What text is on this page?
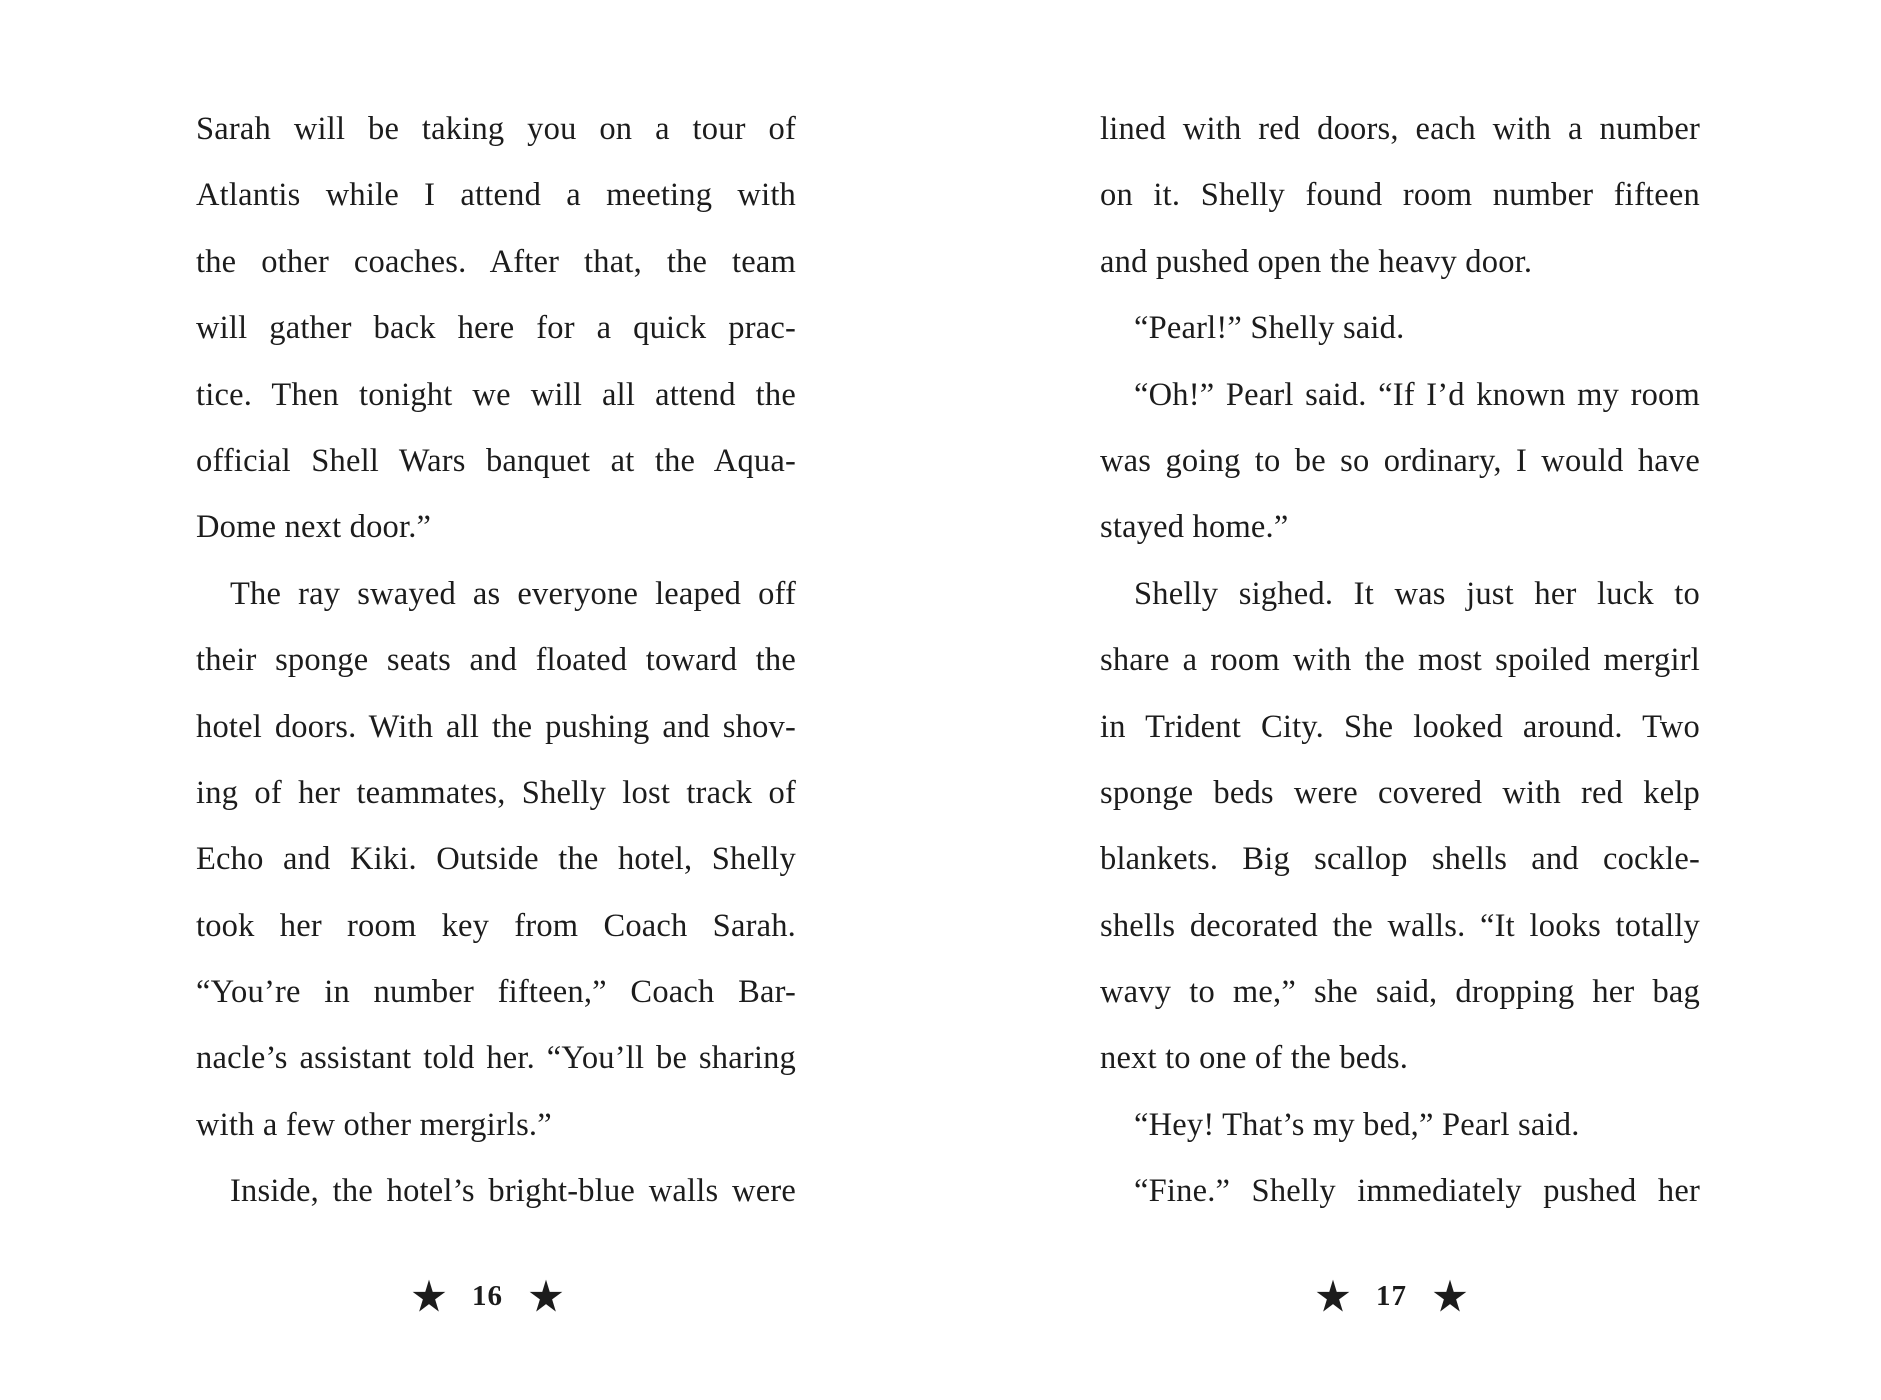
Sarah will be taking you on a tour of
Atlantis while I attend a meeting with
the other coaches. After that, the team
will gather back here for a quick prac-
tice. Then tonight we will all attend the
official Shell Wars banquet at the Aqua-
Dome next door.”
The ray swayed as everyone leaped off
their sponge seats and floated toward the
hotel doors. With all the pushing and shov-
ing of her teammates, Shelly lost track of
Echo and Kiki. Outside the hotel, Shelly
took her room key from Coach Sarah.
“You’re in number fifteen,” Coach Bar-
nacle’s assistant told her. “You’ll be sharing
with a few other mergirls.”
Inside, the hotel’s bright-blue walls were
16
lined with red doors, each with a number
on it. Shelly found room number fifteen
and pushed open the heavy door.
“Pearl!” Shelly said.
“Oh!” Pearl said. “If I’d known my room
was going to be so ordinary, I would have
stayed home.”
Shelly sighed. It was just her luck to
share a room with the most spoiled mergirl
in Trident City. She looked around. Two
sponge beds were covered with red kelp
blankets. Big scallop shells and cockle-
shells decorated the walls. “It looks totally
wavy to me,” she said, dropping her bag
next to one of the beds.
“Hey! That’s my bed,” Pearl said.
“Fine.” Shelly immediately pushed her
17
